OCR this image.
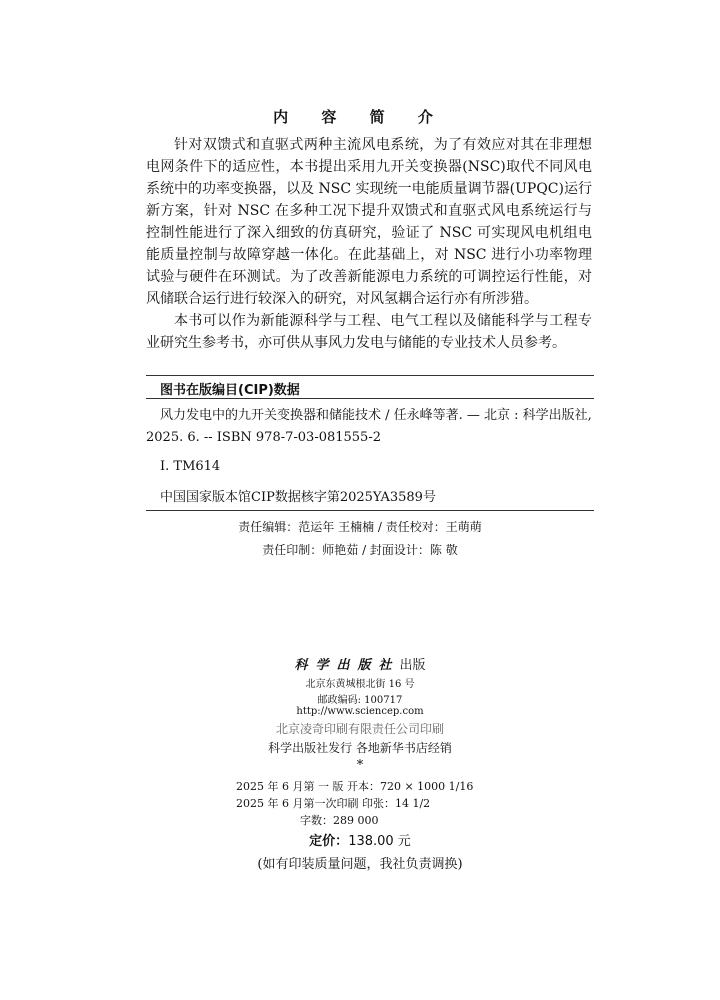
内 容 简 介

针对双馈式和直驱式两种主流风电系统，为了有效应对其在非理想电网条件下的适应性，本书提出采用九开关变换器(NSC)取代不同风电系统中的功率变换器，以及 NSC 实现统一电能质量调节器(UPQC)运行新方案，针对 NSC 在多种工况下提升双馈式和直驱式风电系统运行与控制性能进行了深入细致的仿真研究，验证了 NSC 可实现风电机组电能质量控制与故障穿越一体化。在此基础上，对 NSC 进行小功率物理试验与硬件在环测试。为了改善新能源电力系统的可调控运行性能，对风储联合运行进行较深入的研究，对风氢耦合运行亦有所涉猎。

本书可以作为新能源科学与工程、电气工程以及储能科学与工程专业研究生参考书，亦可供从事风力发电与储能的专业技术人员参考。

图书在版编目(CIP)数据

风力发电中的九开关变换器和储能技术 / 任永峰等著. — 北京 : 科学出版社, 2025. 6. -- ISBN 978-7-03-081555-2

Ⅰ. TM614
中国国家版本馆CIP数据核字第2025YA3589号
责任编辑：范运年 王楠楠 / 责任校对：王萌萌
责任印制：师艳茹 / 封面设计：陈 敬
科学出版社出版
北京东黄城根北街 16 号
邮政编码: 100717
http://www.sciencep.com
北京凌奇印刷有限责任公司印刷
科学出版社发行 各地新华书店经销
*
2025 年 6 月第 一 版 开本：720 × 1000 1/16
2025 年 6 月第一次印刷 印张：14 1/2
字数：289 000
定价：138.00 元
(如有印装质量问题，我社负责调换)
